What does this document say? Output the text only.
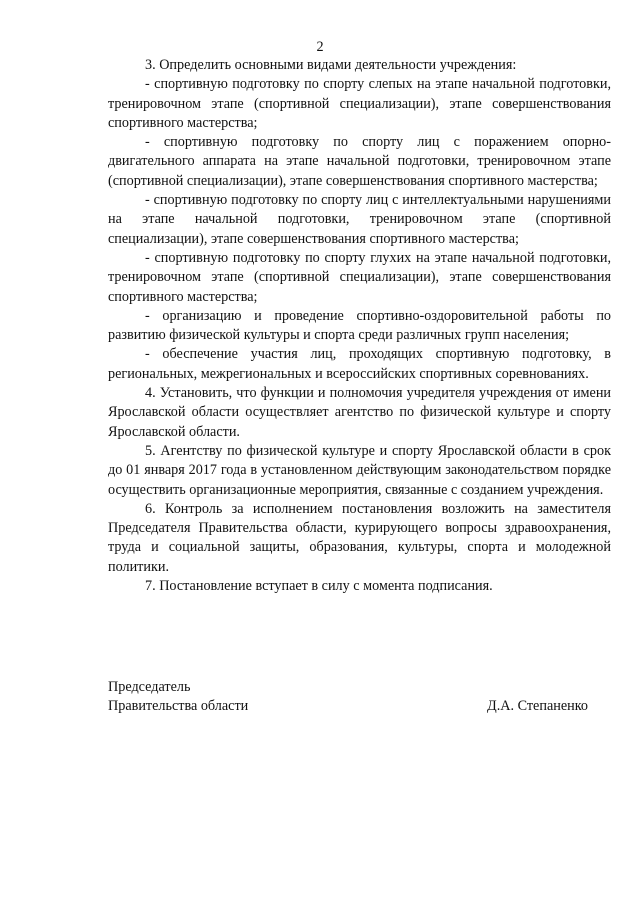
2

3. Определить основными видами деятельности учреждения:

- спортивную подготовку по спорту слепых на этапе начальной подготовки, тренировочном этапе (спортивной специализации), этапе совершенствования спортивного мастерства;

- спортивную подготовку по спорту лиц с поражением опорно-двигательного аппарата на этапе начальной подготовки, тренировочном этапе (спортивной специализации), этапе совершенствования спортивного мастерства;

- спортивную подготовку по спорту лиц с интеллектуальными нарушениями на этапе начальной подготовки, тренировочном этапе (спортивной специализации), этапе совершенствования спортивного мастерства;

- спортивную подготовку по спорту глухих на этапе начальной подготовки, тренировочном этапе (спортивной специализации), этапе совершенствования спортивного мастерства;

- организацию и проведение спортивно-оздоровительной работы по развитию физической культуры и спорта среди различных групп населения;

- обеспечение участия лиц, проходящих спортивную подготовку, в региональных, межрегиональных и всероссийских спортивных соревнованиях.

4. Установить, что функции и полномочия учредителя учреждения от имени Ярославской области осуществляет агентство по физической культуре и спорту Ярославской области.

5. Агентству по физической культуре и спорту Ярославской области в срок до 01 января 2017 года в установленном действующим законодательством порядке осуществить организационные мероприятия, связанные с созданием учреждения.

6. Контроль за исполнением постановления возложить на заместителя Председателя Правительства области, курирующего вопросы здравоохранения, труда и социальной защиты, образования, культуры, спорта и молодежной политики.

7. Постановление вступает в силу с момента подписания.

Председатель

Правительства области	Д.А. Степаненко
